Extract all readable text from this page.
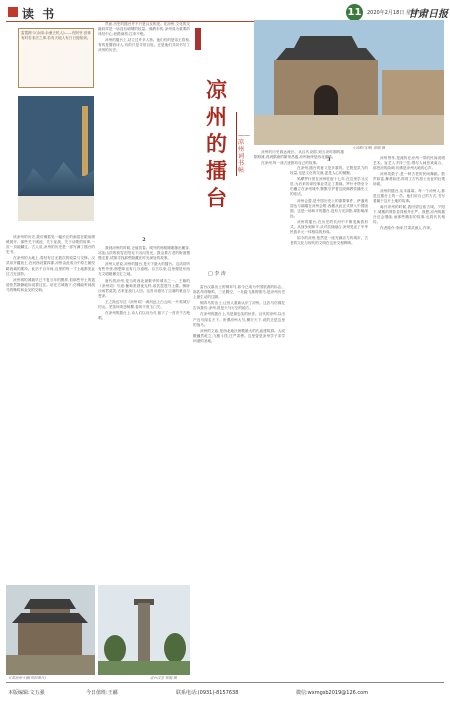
读 书	11	2020年2月18日 星期四
甘肃日报
雷霆撩斗(余闻:余斋天机人)——有阿爷,世事有时若非法之事,若有天地人有日日便知到。

读凉州的历史,我仿佛看见一幅长长的画卷在眼前缓缓展开。那些关于城池、关于征战、关于诗歌的故事,一页一页地翻过。古人说,凉州的历史是一部写满了擂台的史书。

在凉州的大地上,曾经有过无数次的较量与交锋。汉武帝开疆拓土,在河西设置四郡,凉州由此成为中原王朝经略西域的要冲。此后千百年间,这里的每一寸土地都见证过刀光剑影。

凉州城的城墙早已不复当年的模样,但那些夯土的遗迹依然静静地诉说着过往。站在古城墙下,仿佛能听到战马的嘶鸣和金戈的交响。

甘肃凉州大佛(资料图片)

然而,历史的擂台并不只是兵戈相见。在凉州,文化的交融同样是一场没有硝烟的较量。佛教东传,凉州成为重要的译经中心;丝路商旅,往来不绝。

凉州的擂台上,站立过许多人物。他们有的是帝王将相,有的是僧侣诗人,有的只是寻常百姓。正是他们共同书写了凉州的历史。

2

我到凉州的时候,正值初春。城外的杨树刚刚抽出嫩芽,祁连山顶的积雪在阳光下闪闪发光。我沿着古老的街道慢慢走着,试图寻找那些隐藏在时光深处的故事。

凉州人爱说,凉州的擂台,是天下最大的擂台。这话初听有些夸张,细想却也有几分道理。自古以来,这里便是东西方文明碰撞交汇之地。

唐代的凉州,是当时西北最繁华的城市之一。王翰的《凉州词》写道:葡萄美酒夜光杯,欲饮琵琶马上催。醉卧沙场君莫笑,古来征战几人回。这首诗道尽了边塞的豪迈与苍凉。

王之涣也写过《凉州词》:黄河远上白云间,一片孤城万仞山。羌笛何须怨杨柳,春风不度玉门关。

在凉州的擂台上,诗人们以诗为刃,留下了一首首千古绝唱。

雷台汉墓 郭刚 摄
凉州的擂台
——凉州词书帖
□ 李 涛
大成殿门(图) 郭刚 摄

凉州的历史源远流长。从汉代设郡,到五凉时期的割据称雄,再到隋唐的繁荣昌盛,凉州始终是西北重镇。

在凉州,每一座古迹都有自己的故事。

雷台汉墓出土的铜奔马,如今已成为中国旅游的标志。那匹昂首嘶鸣、三足腾空、一足踏飞燕的骏马,是凉州历史上最生动的注脚。

铜奔马的出土,让世人重新认识了凉州。这匹马仿佛在告诉我们:凉州,曾是天马行空的地方。

在凉州的擂台上,马是最忠实的伙伴。汉代的凉州,以出产良马闻名天下。所谓凉州大马,横行天下,说的正是这里的战马。

凉州的文庙,是西北地区规模最大的孔庙建筑群。大成殿巍然屹立,飞檐斗拱,庄严肃穆。这里曾是凉州学子求学问道的圣地。

3

在凉州,擂台的意义是多重的。它既是武力的较量,也是文化的交流,更是人心的凝聚。

鸠摩罗什曾在凉州驻留十七年,在这里学习汉语,为后来的译经事业奠定了基础。罗什寺塔至今仍矗立在凉州城中,默默守护着这段佛教传播史上的佳话。

凉州会盟,是中国历史上的重要事件。萨迦班智达与阔端在凉州会晤,西藏从此正式纳入中国版图。这是一场和平的擂台,没有刀光剑影,却影响深远。

凉州的擂台,在历史的长河中不断变换着形式。从战争到和平,从对抗到融合,凉州见证了中华民族多元一体格局的形成。

如今的凉州,依然是一座充满活力的城市。古老的文化与现代的文明在这里交相辉映。

凉州贤孝,是流传在凉州一带的民间说唱艺术。盲艺人手持三弦,唱尽人间悲欢离合。那苍凉的曲调,仿佛是凉州大地的心声。

凉州攻鼓子,是一种古老的民间舞蹈。鼓声如雷,舞者如虎,再现了古代将士出征的壮观场面。

凉州的擂台,从未落幕。每一个凉州人,都是这擂台上的一员。他们用自己的方式,书写着属于这片土地的故事。

离开凉州的时候,我回望这座古城。夕阳下,城楼的剪影显得格外庄严。我想,凉州的擂台还会继续,而那些精彩的故事,也将代代相传。

作者简介:李涛,甘肃武威人,作家。

本版编辑:文五强	今日值班:王郦	联系电话:(0931)-8157638	微信:wxmgsb2019@126.com
